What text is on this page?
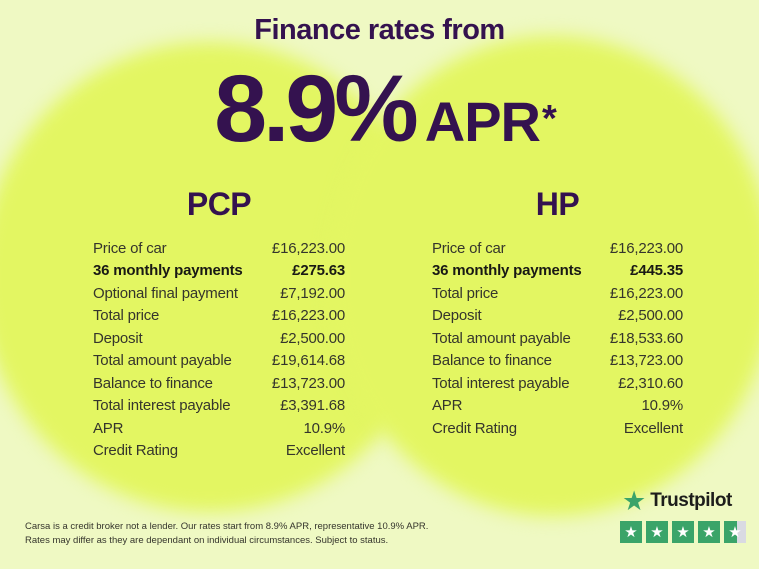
Finance rates from
8.9% APR *
PCP
Price of car	£16,223.00
36 monthly payments	£275.63
Optional final payment	£7,192.00
Total price	£16,223.00
Deposit	£2,500.00
Total amount payable	£19,614.68
Balance to finance	£13,723.00
Total interest payable	£3,391.68
APR	10.9%
Credit Rating	Excellent
HP
Price of car	£16,223.00
36 monthly payments	£445.35
Total price	£16,223.00
Deposit	£2,500.00
Total amount payable	£18,533.60
Balance to finance	£13,723.00
Total interest payable	£2,310.60
APR	10.9%
Credit Rating	Excellent
Carsa is a credit broker not a lender. Our rates start from 8.9% APR, representative 10.9% APR.
Rates may differ as they are dependant on individual circumstances. Subject to status.
★ Trustpilot
★ ★ ★ ★ ★
